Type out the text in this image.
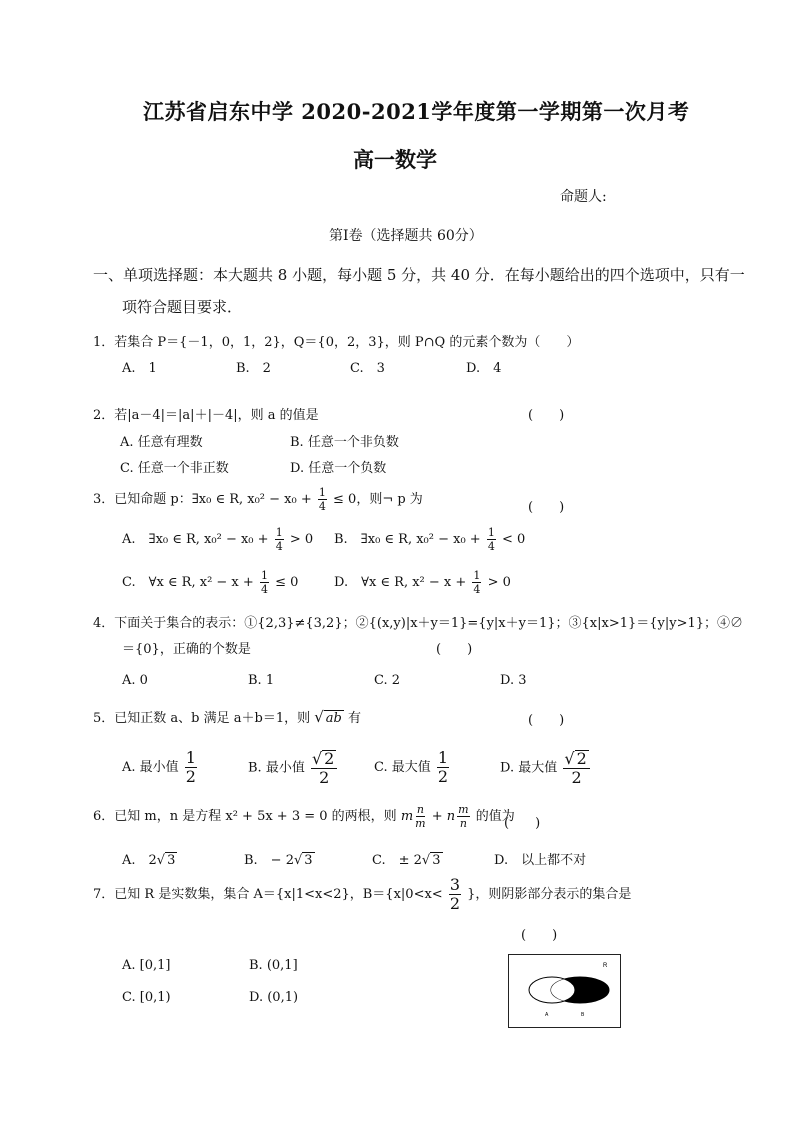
江苏省启东中学 2020-2021学年度第一学期第一次月考
高一数学
命题人:
第Ⅰ卷（选择题共 60分）
一、单项选择题：本大题共 8 小题，每小题 5 分，共 40 分．在每小题给出的四个选项中，只有一
项符合题目要求．
1．若集合 P＝{－1，0，1，2}，Q＝{0，2，3}，则 P∩Q 的元素个数为（　　）
A.　1	B.　2	C.　3	D.　4
2．若|a－4|＝|a|＋|－4|，则 a 的值是	(　　)
A. 任意有理数	B. 任意一个非负数
C. 任意一个非正数	D. 任意一个负数
3．已知命题 p：∃x₀ ∈ R, $x_0^2 - x_0 + \frac{1}{4} \le 0$，则¬ p 为
(　　)
A.　∃x₀ ∈ R, $x_0^2 - x_0 + \frac{1}{4} > 0$ B.　∃x₀ ∈ R, $x_0^2 - x_0 + \frac{1}{4} < 0$
C.　∀x ∈ R, $x^2 - x + \frac{1}{4} \le 0$	D.　∀x ∈ R, $x^2 - x + \frac{1}{4} > 0$
4．下面关于集合的表示：①{2,3}≠{3,2}；②{(x,y)|x＋y＝1}={y|x＋y＝1}；③{x|x>1}＝{y|y>1}；④∅
＝{0}，正确的个数是	(　　)
A. 0	B. 1	C. 2	D. 3
5．已知正数 a、b 满足 a＋b＝1，则 √ ab 有	(　　)
A. 最小值 $\frac{1}{2}$	B. 最小值 $\frac{√ 2}{2}$	C. 最大值 $\frac{1}{2}$	D. 最大值 $\frac{√ 2}{2}$
6．已知 m，n 是方程 x² + 5x + 3 = 0 的两根，则 m $\frac{n}{m} + n \frac{m}{n}$ 的值为
(　　)
A.　2√ 3	B.　− 2√ 3	C.　± 2√ 3	D.　以上都不对
7．已知 R 是实数集，集合 A＝{x|1<x<2}，$B=\{x|0<x< \frac{3}{2}$ }，则阴影部分表示的集合是
(　　)
A. [0,1]	B. (0,1]
C. [0,1)	D. (0,1)
R
A	B
